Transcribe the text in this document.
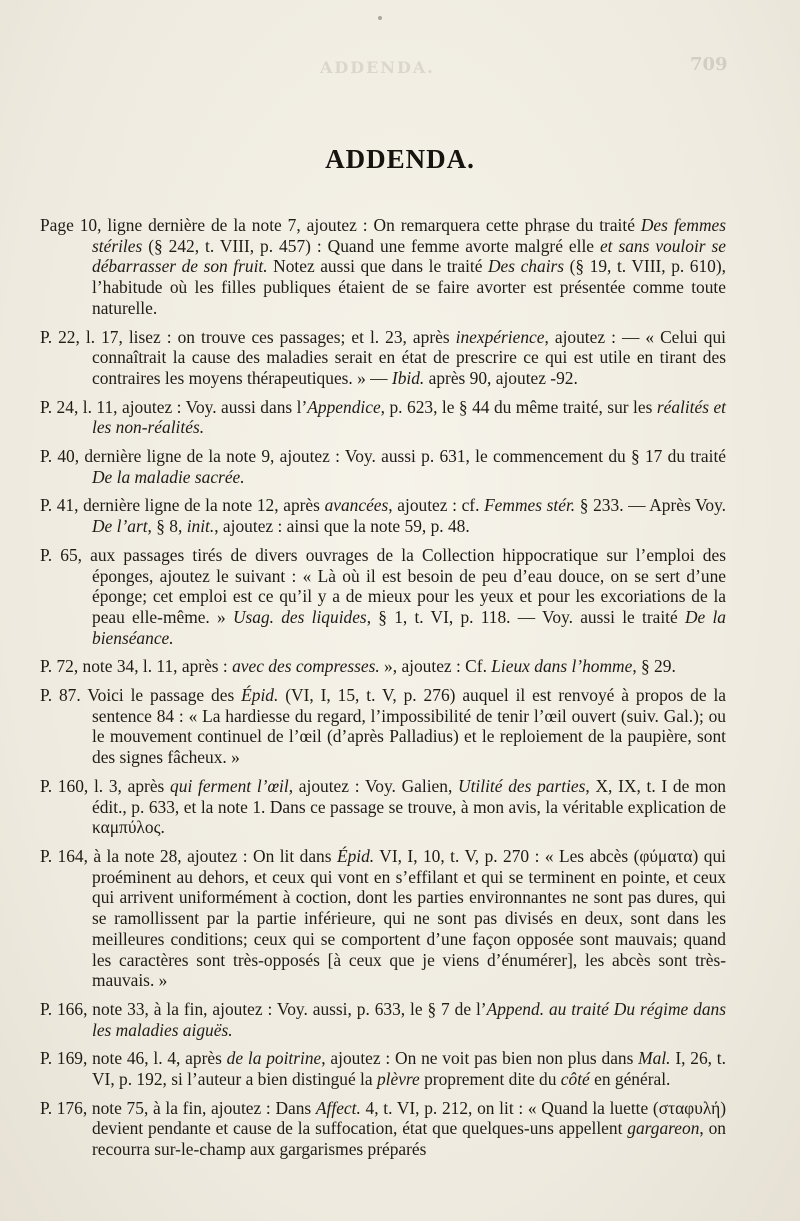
ADDENDA.	709
ADDENDA.

Page 10, ligne dernière de la note 7, ajoutez : On remarquera cette phrase du traité Des femmes stériles (§ 242, t. VIII, p. 457) : Quand une femme avorte malgré elle et sans vouloir se débarrasser de son fruit. Notez aussi que dans le traité Des chairs (§ 19, t. VIII, p. 610), l’habitude où les filles publiques étaient de se faire avorter est présentée comme toute naturelle.

P. 22, l. 17, lisez : on trouve ces passages; et l. 23, après inexpérience, ajoutez : — « Celui qui connaîtrait la cause des maladies serait en état de prescrire ce qui est utile en tirant des contraires les moyens thérapeutiques. » — Ibid. après 90, ajoutez -92.

P. 24, l. 11, ajoutez : Voy. aussi dans l’Appendice, p. 623, le § 44 du même traité, sur les réalités et les non-réalités.

P. 40, dernière ligne de la note 9, ajoutez : Voy. aussi p. 631, le commencement du § 17 du traité De la maladie sacrée.

P. 41, dernière ligne de la note 12, après avancées, ajoutez : cf. Femmes stér. § 233. — Après Voy. De l’art, § 8, init., ajoutez : ainsi que la note 59, p. 48.

P. 65, aux passages tirés de divers ouvrages de la Collection hippocratique sur l’emploi des éponges, ajoutez le suivant : « Là où il est besoin de peu d’eau douce, on se sert d’une éponge; cet emploi est ce qu’il y a de mieux pour les yeux et pour les excoriations de la peau elle-même. » Usag. des liquides, § 1, t. VI, p. 118. — Voy. aussi le traité De la bienséance.

P. 72, note 34, l. 11, après : avec des compresses. », ajoutez : Cf. Lieux dans l’homme, § 29.

P. 87. Voici le passage des Épid. (VI, I, 15, t. V, p. 276) auquel il est renvoyé à propos de la sentence 84 : « La hardiesse du regard, l’impossibilité de tenir l’œil ouvert (suiv. Gal.); ou le mouvement continuel de l’œil (d’après Palladius) et le reploiement de la paupière, sont des signes fâcheux. »

P. 160, l. 3, après qui ferment l’œil, ajoutez : Voy. Galien, Utilité des parties, X, IX, t. I de mon édit., p. 633, et la note 1. Dans ce passage se trouve, à mon avis, la véritable explication de καμπύλος.

P. 164, à la note 28, ajoutez : On lit dans Épid. VI, I, 10, t. V, p. 270 : « Les abcès (φύματα) qui proéminent au dehors, et ceux qui vont en s’effilant et qui se terminent en pointe, et ceux qui arrivent uniformément à coction, dont les parties environnantes ne sont pas dures, qui se ramollissent par la partie inférieure, qui ne sont pas divisés en deux, sont dans les meilleures conditions; ceux qui se comportent d’une façon opposée sont mauvais; quand les caractères sont très-opposés [à ceux que je viens d’énumérer], les abcès sont très-mauvais. »

P. 166, note 33, à la fin, ajoutez : Voy. aussi, p. 633, le § 7 de l’Append. au traité Du régime dans les maladies aiguës.

P. 169, note 46, l. 4, après de la poitrine, ajoutez : On ne voit pas bien non plus dans Mal. I, 26, t. VI, p. 192, si l’auteur a bien distingué la plèvre proprement dite du côté en général.

P. 176, note 75, à la fin, ajoutez : Dans Affect. 4, t. VI, p. 212, on lit : « Quand la luette (σταφυλή) devient pendante et cause de la suffocation, état que quelques-uns appellent gargareon, on recourra sur-le-champ aux gargarismes préparés
